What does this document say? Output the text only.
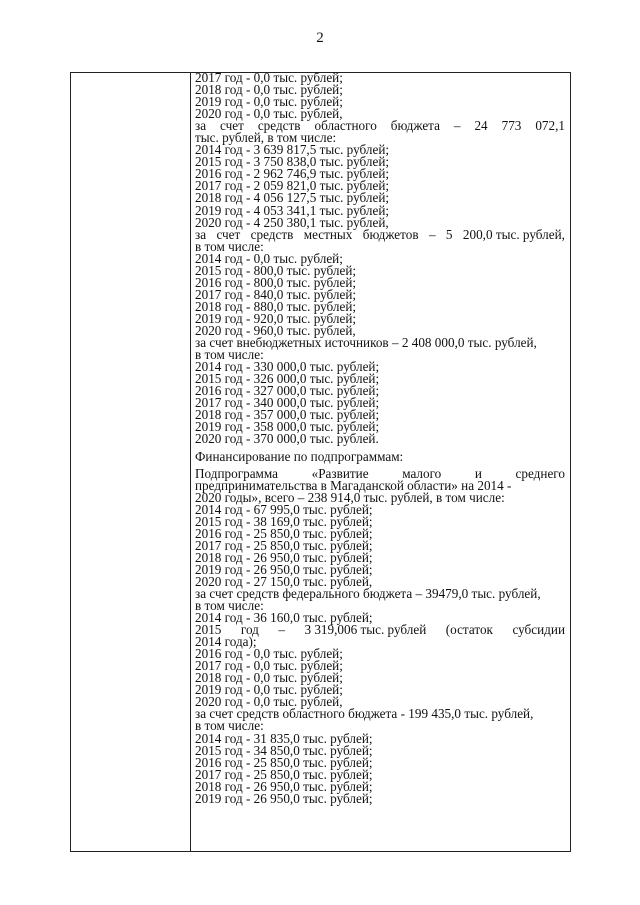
2
2017 год - 0,0 тыс. рублей;
2018 год - 0,0 тыс. рублей;
2019 год - 0,0 тыс. рублей;
2020 год - 0,0 тыс. рублей,
за счет средств областного бюджета – 24 773 072,1
тыс. рублей, в том числе:
2014 год - 3 639 817,5 тыс. рублей;
2015 год - 3 750 838,0 тыс. рублей;
2016 год - 2 962 746,9 тыс. рублей;
2017 год - 2 059 821,0 тыс. рублей;
2018 год - 4 056 127,5 тыс. рублей;
2019 год - 4 053 341,1 тыс. рублей;
2020 год - 4 250 380,1 тыс. рублей,
за счет средств местных бюджетов – 5 200,0 тыс. рублей,
в том числе:
2014 год - 0,0 тыс. рублей;
2015 год - 800,0 тыс. рублей;
2016 год - 800,0 тыс. рублей;
2017 год - 840,0 тыс. рублей;
2018 год - 880,0 тыс. рублей;
2019 год - 920,0 тыс. рублей;
2020 год - 960,0 тыс. рублей,
за счет внебюджетных источников – 2 408 000,0 тыс. рублей,
в том числе:
2014 год - 330 000,0 тыс. рублей;
2015 год - 326 000,0 тыс. рублей;
2016 год - 327 000,0 тыс. рублей;
2017 год - 340 000,0 тыс. рублей;
2018 год - 357 000,0 тыс. рублей;
2019 год - 358 000,0 тыс. рублей;
2020 год - 370 000,0 тыс. рублей.
Финансирование по подпрограммам:
Подпрограмма	«Развитие	малого	и	среднего
предпринимательства в Магаданской области» на 2014 -
2020 годы», всего – 238 914,0 тыс. рублей, в том числе:
2014 год - 67 995,0 тыс. рублей;
2015 год - 38 169,0 тыс. рублей;
2016 год - 25 850,0 тыс. рублей;
2017 год - 25 850,0 тыс. рублей;
2018 год - 26 950,0 тыс. рублей;
2019 год - 26 950,0 тыс. рублей;
2020 год - 27 150,0 тыс. рублей,
за счет средств федерального бюджета – 39479,0 тыс. рублей,
в том числе:
2014 год - 36 160,0 тыс. рублей;
2015 год – 3 319,006 тыс. рублей (остаток субсидии
2014 года);
2016 год - 0,0 тыс. рублей;
2017 год - 0,0 тыс. рублей;
2018 год - 0,0 тыс. рублей;
2019 год - 0,0 тыс. рублей;
2020 год - 0,0 тыс. рублей,
за счет средств областного бюджета - 199 435,0 тыс. рублей,
в том числе:
2014 год - 31 835,0 тыс. рублей;
2015 год - 34 850,0 тыс. рублей;
2016 год - 25 850,0 тыс. рублей;
2017 год - 25 850,0 тыс. рублей;
2018 год - 26 950,0 тыс. рублей;
2019 год - 26 950,0 тыс. рублей;
